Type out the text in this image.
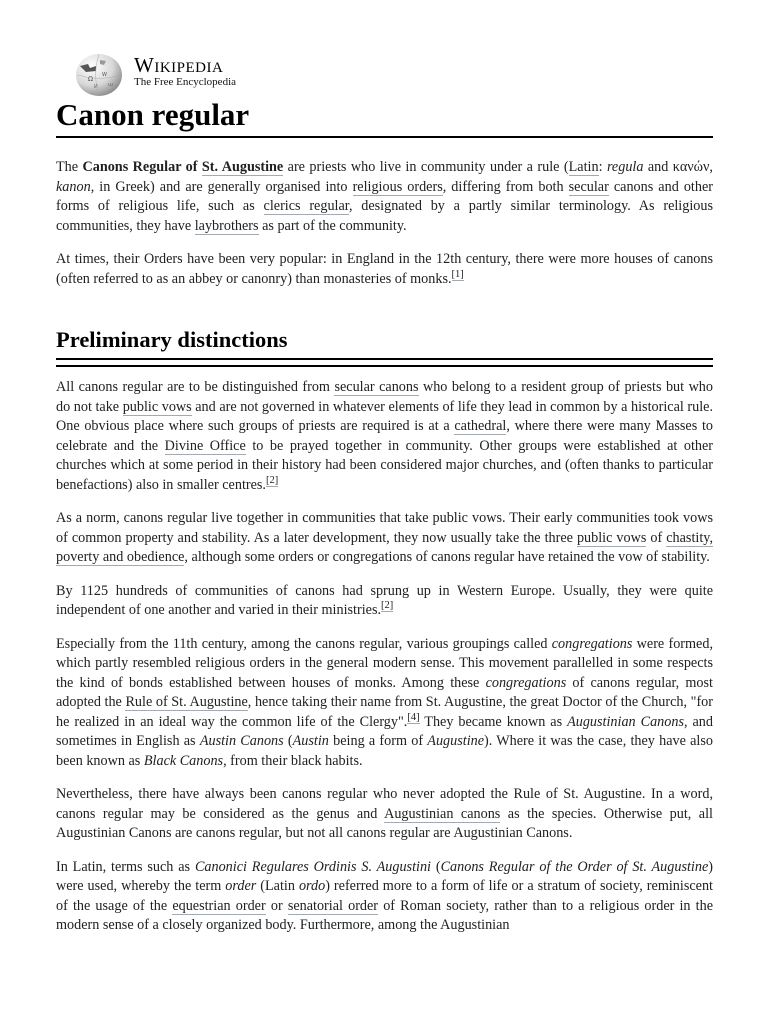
Ω
W
И ɯ
Wikipedia
The Free Encyclopedia
Canon regular

The Canons Regular of St. Augustine are priests who live in community under a rule (Latin: regula and κανών, kanon, in Greek) and are generally organised into religious orders, differing from both secular canons and other forms of religious life, such as clerics regular, designated by a partly similar terminology. As religious communities, they have laybrothers as part of the community.

At times, their Orders have been very popular: in England in the 12th century, there were more houses of canons (often referred to as an abbey or canonry) than monasteries of monks.[1]

Preliminary distinctions

All canons regular are to be distinguished from secular canons who belong to a resident group of priests but who do not take public vows and are not governed in whatever elements of life they lead in common by a historical rule. One obvious place where such groups of priests are required is at a cathedral, where there were many Masses to celebrate and the Divine Office to be prayed together in community. Other groups were established at other churches which at some period in their history had been considered major churches, and (often thanks to particular benefactions) also in smaller centres.[2]

As a norm, canons regular live together in communities that take public vows. Their early communities took vows of common property and stability. As a later development, they now usually take the three public vows of chastity, poverty and obedience, although some orders or congregations of canons regular have retained the vow of stability.

By 1125 hundreds of communities of canons had sprung up in Western Europe. Usually, they were quite independent of one another and varied in their ministries.[2]

Especially from the 11th century, among the canons regular, various groupings called congregations were formed, which partly resembled religious orders in the general modern sense. This movement parallelled in some respects the kind of bonds established between houses of monks. Among these congregations of canons regular, most adopted the Rule of St. Augustine, hence taking their name from St. Augustine, the great Doctor of the Church, "for he realized in an ideal way the common life of the Clergy".[4] They became known as Augustinian Canons, and sometimes in English as Austin Canons (Austin being a form of Augustine). Where it was the case, they have also been known as Black Canons, from their black habits.

Nevertheless, there have always been canons regular who never adopted the Rule of St. Augustine. In a word, canons regular may be considered as the genus and Augustinian canons as the species. Otherwise put, all Augustinian Canons are canons regular, but not all canons regular are Augustinian Canons.

In Latin, terms such as Canonici Regulares Ordinis S. Augustini (Canons Regular of the Order of St. Augustine) were used, whereby the term order (Latin ordo) referred more to a form of life or a stratum of society, reminiscent of the usage of the equestrian order or senatorial order of Roman society, rather than to a religious order in the modern sense of a closely organized body. Furthermore, among the Augustinian
